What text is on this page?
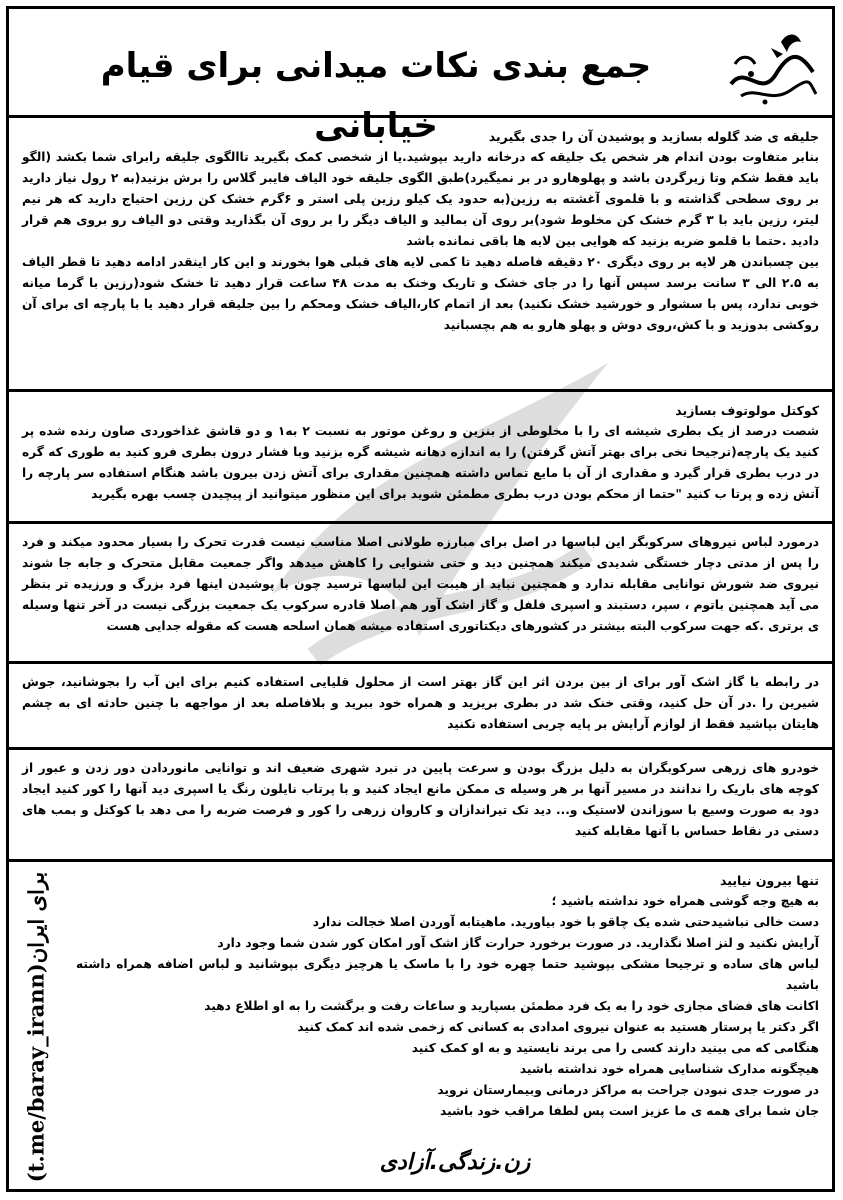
جمع بندی نکات میدانی برای قیام خیابانی	جلیقه ی ضد گلوله بسازید و پوشیدن آن را جدی بگیرید

بنابر متفاوت بودن اندام هر شخص یک جلیقه که درخانه دارید بپوشید.یا از شخصی کمک بگیرید تاالگوی جلیقه رابرای شما بکشد (الگو باید فقط شکم وتا زیرگردن باشد و پهلوهارو در بر نمیگیرد)طبق الگوی جلیقه خود الیاف فایبر گلاس را برش بزنید(به ۲ رول نیاز دارید بر روی سطحی گذاشته و با قلموی آغشته به رزین(به حدود یک کیلو رزین پلی استر و ۶گرم خشک کن رزین احتیاج دارید که هر نیم لیتر، رزین باید با ۳ گرم خشک کن مخلوط شود)بر روی آن بمالید و الیاف دیگر را بر روی آن بگذارید وقتی دو الیاف رو بروی هم قرار دادید .حتما با قلمو ضربه بزنید که هوایی بین لایه ها باقی نمانده باشد

بین چسباندن هر لایه بر روی دیگری ۲۰ دقیقه فاصله دهید تا کمی لایه های قبلی هوا بخورند و این کار اینقدر ادامه دهید تا قطر الیاف به ۲.۵ الی ۳ سانت برسد سپس آنها را در جای خشک و تاریک وخنک به مدت ۴۸ ساعت قرار دهید تا خشک شود(رزین با گرما میانه خوبی ندارد، پس با سشوار و خورشید خشک نکنید) بعد از اتمام کار،الیاف خشک ومحکم را بین جلیقه قرار دهید یا با پارچه ای برای آن روکشی بدوزید و با کش،روی دوش و پهلو هارو به هم بچسبانید

کوکتل مولوتوف بسازید

شصت درصد از یک بطری شیشه ای را با مخلوطی از بنزین و روغن موتور به نسبت ۲ به۱ و دو قاشق غذاخوردی صاون رنده شده پر کنید یک پارچه(ترجیحا نخی برای بهتر آتش گرفتن) را به اندازه دهانه شیشه گره بزنید وبا فشار درون بطری فرو کنید به طوری که گره در درب بطری قرار گیرد و مقداری از آن با مایع تماس داشته همچنین مقداری برای آتش زدن بیرون باشد هنگام استفاده سر پارچه را آتش زده و پرتا ب کنید "حتما از محکم بودن درب بطری مطمئن شوید برای این منظور میتوانید از پیچیدن چسب بهره بگیرید

درمورد لباس نیروهای سرکوبگر این لباسها در اصل برای مبارزه طولانی اصلا مناسب نیست قدرت تحرک را بسیار محدود میکند و فرد را پس از مدتی دچار خستگی شدیدی میکند همچنین دید و حتی شنوایی را کاهش میدهد واگر جمعیت مقابل متحرک و جابه جا شوند نیروی ضد شورش توانایی مقابله ندارد و همچنین نباید از هیبت این لباسها ترسید چون با پوشیدن اینها فرد بزرگ و ورزیده تر بنظر می آید همچنین باتوم ، سپر، دستبند و اسپری فلفل و گاز اشک آور هم اصلا قادره سرکوب یک جمعیت بزرگی نیست در آخر تنها وسیله ی برتری .که جهت سرکوب البته بیشتر در کشورهای دیکتاتوری استفاده میشه همان اسلحه هست که مقوله جدایی هست

در رابطه با گاز اشک آور برای از بین بردن اثر این گاز بهتر است از محلول قلیایی استفاده کنیم برای این آب را بجوشانید، جوش شیرین را .در آن حل کنید، وقتی خنک شد در بطری بریزید و همراه خود ببرید و بلافاصله بعد از مواجهه با چنین حادثه ای به چشم هایتان بپاشید فقط از لوازم آرایش بر پایه چربی استفاده نکنید

خودرو های زرهی سرکوبگران به دلیل بزرگ بودن و سرعت پایین در نبرد شهری ضعیف اند و توانایی مانوردادن دور زدن و عبور از کوچه های باریک را ندانند در مسیر آنها بر هر وسیله ی ممکن مانع ایجاد کنید و با پرتاب نایلون رنگ یا اسپری دید آنها را کور کنید ایجاد دود به صورت وسیع با سوزاندن لاستیک و... دید تک تیراندازان و کاروان زرهی را کور و فرصت ضربه را می دهد با کوکتل و بمب های دستی در نقاط حساس با آنها مقابله کنید

تنها بیرون نیایید

به هیچ وجه گوشی همراه خود نداشته باشید ؛

دست خالی نباشیدحتی شده یک چاقو با خود بیاورید. ماهیتابه آوردن اصلا خجالت ندارد

آرایش نکنید و لنز اصلا نگذارید. در صورت برخورد حرارت گاز اشک آور امکان کور شدن شما وجود دارد

لباس های ساده و ترجیحا مشکی بپوشید حتما چهره خود را با ماسک یا هرچیز دیگری بپوشانید و لباس اضافه همراه داشته باشید

اکانت های فضای مجازی خود را به یک فرد مطمئن بسپارید و ساعات رفت و برگشت را به او اطلاع دهید

اگر دکتر یا پرستار هستید به عنوان نیروی امدادی به کسانی که زخمی شده اند کمک کنید

هنگامی که می بینید دارند کسی را می برند نایستید و به او کمک کنید

هیچگونه مدارک شناسایی همراه خود نداشته باشید

در صورت جدی نبودن جراحت به مراکز درمانی وبیمارستان نروید

جان شما برای همه ی ما عزیز است پس لطفا مراقب خود باشید

(t.me/baray_irann)برای ایران
زن.زندگی.آزادی
